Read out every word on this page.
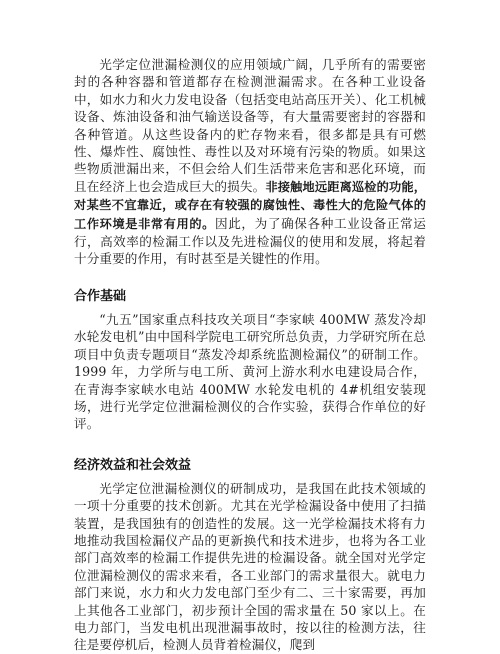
光学定位泄漏检测仪的应用领域广阔，几乎所有的需要密封的各种容器和管道都存在检测泄漏需求。在各种工业设备中，如水力和火力发电设备（包括变电站高压开关）、化工机械设备、炼油设备和油气输送设备等，有大量需要密封的容器和各种管道。从这些设备内的贮存物来看，很多都是具有可燃性、爆炸性、腐蚀性、毒性以及对环境有污染的物质。如果这些物质泄漏出来，不但会给人们生活带来危害和恶化环境，而且在经济上也会造成巨大的损失。非接触地远距离巡检的功能，对某些不宜靠近，或存在有较强的腐蚀性、毒性大的危险气体的工作环境是非常有用的。因此，为了确保各种工业设备正常运行，高效率的检漏工作以及先进检漏仪的使用和发展，将起着十分重要的作用，有时甚至是关键性的作用。

合作基础

“九五”国家重点科技攻关项目“李家峡 400MW 蒸发冷却水轮发电机”由中国科学院电工研究所总负责，力学研究所在总项目中负责专题项目“蒸发冷却系统监测检漏仪”的研制工作。1999 年，力学所与电工所、黄河上游水利水电建设局合作，在青海李家峡水电站 400MW 水轮发电机的 4#机组安装现场，进行光学定位泄漏检测仪的合作实验，获得合作单位的好评。

经济效益和社会效益

光学定位泄漏检测仪的研制成功，是我国在此技术领域的一项十分重要的技术创新。尤其在光学检漏设备中使用了扫描装置，是我国独有的创造性的发展。这一光学检漏技术将有力地推动我国检漏仪产品的更新换代和技术进步，也将为各工业部门高效率的检漏工作提供先进的检漏设备。就全国对光学定位泄漏检测仪的需求来看，各工业部门的需求量很大。就电力部门来说，水力和火力发电部门至少有二、三十家需要，再加上其他各工业部门，初步预计全国的需求量在 50 家以上。在电力部门，当发电机出现泄漏事故时，按以往的检测方法，往往是要停机后，检测人员背着检漏仪，爬到
